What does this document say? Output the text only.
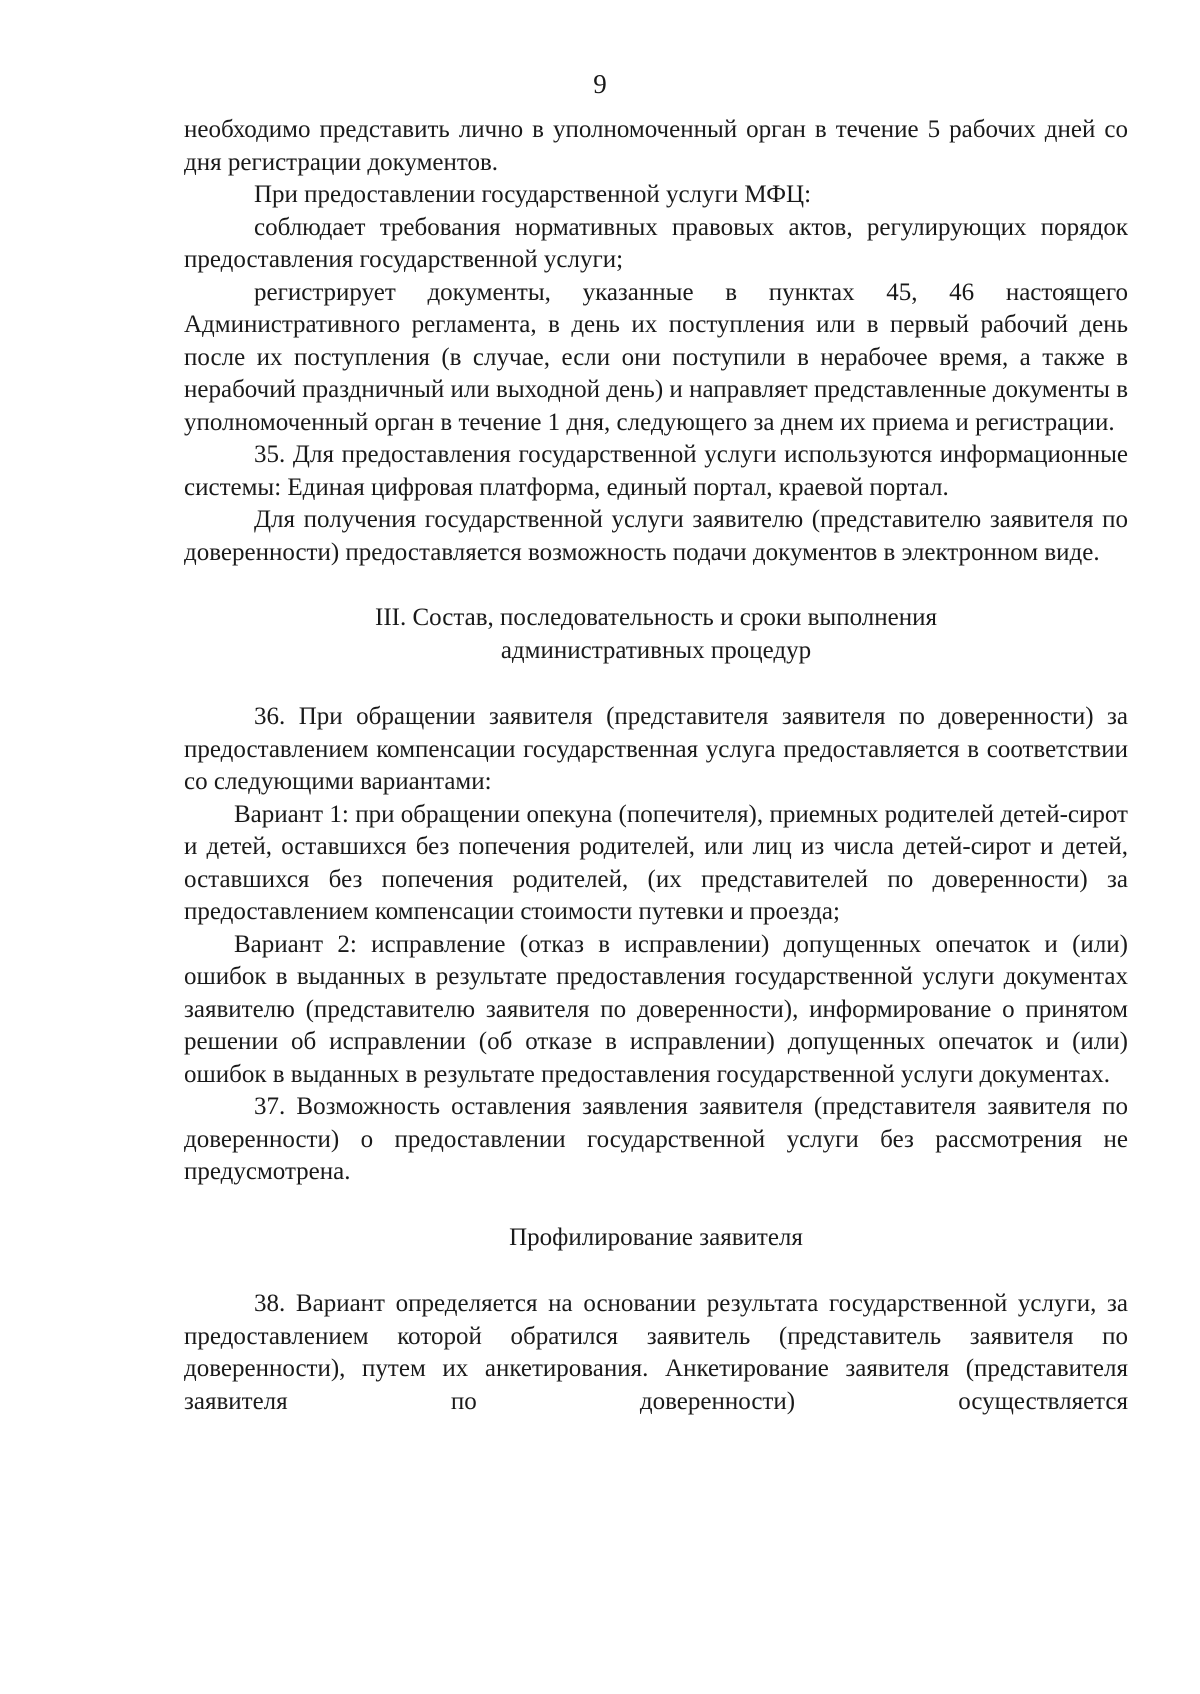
9

необходимо представить лично в уполномоченный орган в течение 5 рабочих дней со дня регистрации документов.

При предоставлении государственной услуги МФЦ:

соблюдает требования нормативных правовых актов, регулирующих порядок предоставления государственной услуги;

регистрирует документы, указанные в пунктах 45, 46 настоящего Административного регламента, в день их поступления или в первый рабочий день после их поступления (в случае, если они поступили в нерабочее время, а также в нерабочий праздничный или выходной день) и направляет представленные документы в уполномоченный орган в течение 1 дня, следующего за днем их приема и регистрации.

35. Для предоставления государственной услуги используются информационные системы: Единая цифровая платформа, единый портал, краевой портал.

Для получения государственной услуги заявителю (представителю заявителя по доверенности) предоставляется возможность подачи документов в электронном виде.

III. Состав, последовательность и сроки выполнения
административных процедур

36. При обращении заявителя (представителя заявителя по доверенности) за предоставлением компенсации государственная услуга предоставляется в соответствии со следующими вариантами:

Вариант 1: при обращении опекуна (попечителя), приемных родителей детей-сирот и детей, оставшихся без попечения родителей, или лиц из числа детей-сирот и детей, оставшихся без попечения родителей, (их представителей по доверенности) за предоставлением компенсации стоимости путевки и проезда;

Вариант 2: исправление (отказ в исправлении) допущенных опечаток и (или) ошибок в выданных в результате предоставления государственной услуги документах заявителю (представителю заявителя по доверенности), информирование о принятом решении об исправлении (об отказе в исправлении) допущенных опечаток и (или) ошибок в выданных в результате предоставления государственной услуги документах.

37. Возможность оставления заявления заявителя (представителя заявителя по доверенности) о предоставлении государственной услуги без рассмотрения не предусмотрена.

Профилирование заявителя

38. Вариант определяется на основании результата государственной услуги, за предоставлением которой обратился заявитель (представитель заявителя по доверенности), путем их анкетирования. Анкетирование заявителя (представителя заявителя по доверенности) осуществляется
